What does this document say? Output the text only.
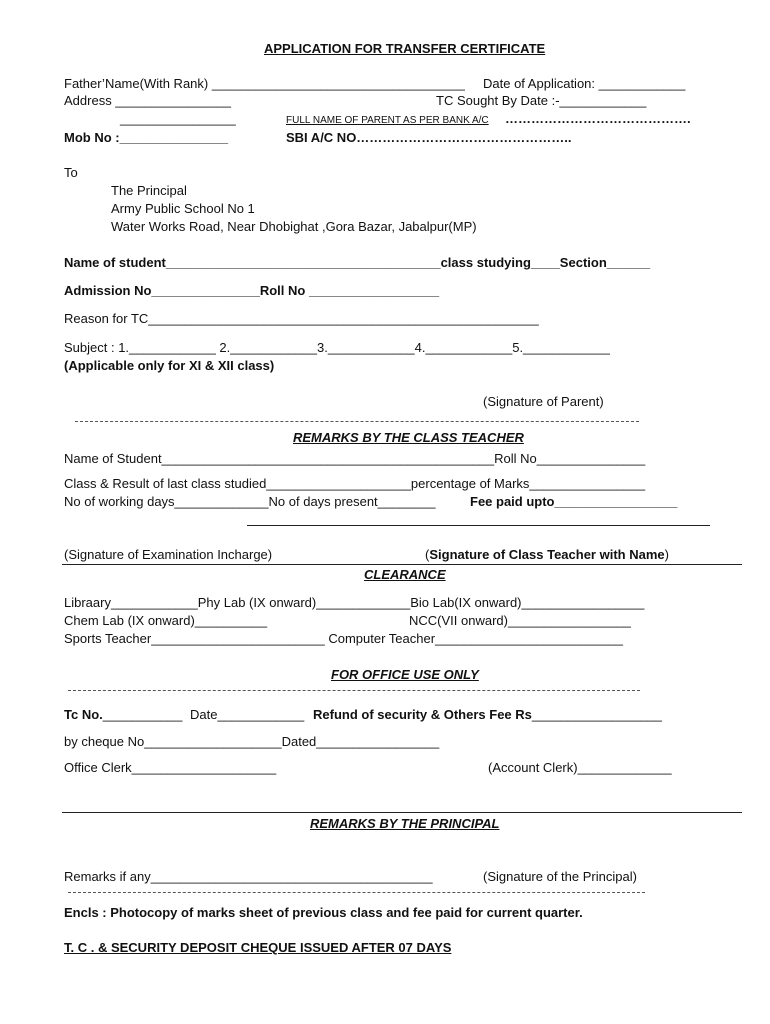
APPLICATION FOR TRANSFER CERTIFICATE
Father’Name(With Rank) ___________________________________ Date of Application: ____________
Address ________________	TC Sought By Date :-____________
________________	FULL NAME OF PARENT AS PER BANK A/C …………………………………….
Mob No :_______________	SBI A/C NO…………………………………………..
To
The Principal
Army Public School No 1
Water Works Road, Near Dhobighat ,Gora Bazar, Jabalpur(MP)
Name of student______________________________________class studying____Section______
Admission No_______________Roll No __________________
Reason for TC______________________________________________________
Subject : 1.____________ 2.____________3.____________4.____________5.____________
(Applicable only for XI & XII class)
(Signature of Parent)
REMARKS BY THE CLASS TEACHER
Name of Student______________________________________________Roll No_______________
Class & Result of last class studied____________________percentage of Marks________________
No of working days_____________No of days present________	Fee paid upto_________________
(Signature of Examination Incharge)	(Signature of Class Teacher with Name)
CLEARANCE
Libraary____________Phy Lab (IX onward)_____________Bio Lab(IX onward)_________________
Chem Lab (IX onward)__________	NCC(VII onward)_________________
Sports Teacher________________________ Computer Teacher__________________________
FOR OFFICE USE ONLY
Tc No.___________ Date____________ Refund of security & Others Fee Rs__________________
by cheque No___________________Dated_________________
Office Clerk____________________	(Account Clerk)_____________
REMARKS BY THE PRINCIPAL
Remarks if any_______________________________________	(Signature of the Principal)
Encls : Photocopy of marks sheet of previous class and fee paid for current quarter.
T. C . & SECURITY DEPOSIT CHEQUE ISSUED AFTER 07 DAYS
